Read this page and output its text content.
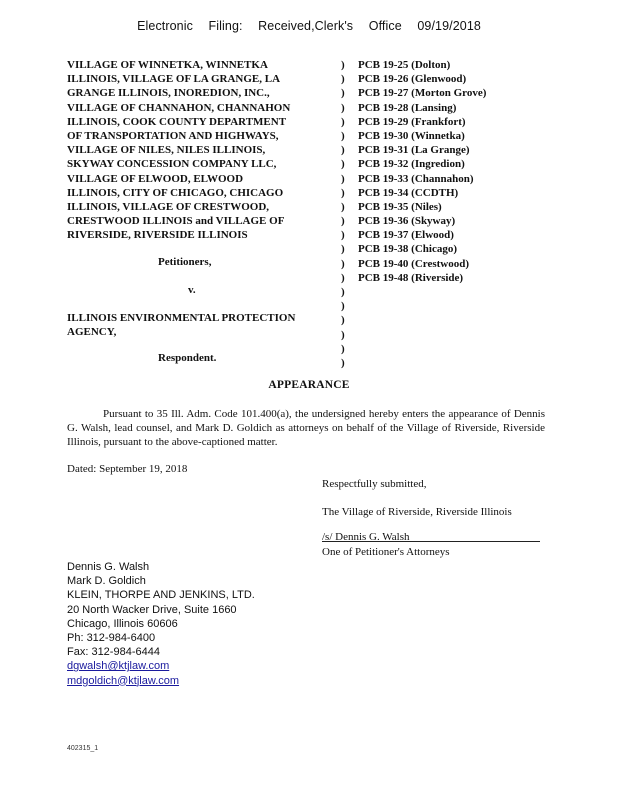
Electronic Filing: Received,Clerk's Office 09/19/2018
VILLAGE OF WINNETKA, WINNETKA
ILLINOIS, VILLAGE OF LA GRANGE, LA
GRANGE ILLINOIS, INOREDION, INC.,
VILLAGE OF CHANNAHON, CHANNAHON
ILLINOIS, COOK COUNTY DEPARTMENT
OF TRANSPORTATION AND HIGHWAYS,
VILLAGE OF NILES, NILES ILLINOIS,
SKYWAY CONCESSION COMPANY LLC,
VILLAGE OF ELWOOD, ELWOOD
ILLINOIS, CITY OF CHICAGO, CHICAGO
ILLINOIS, VILLAGE OF CRESTWOOD,
CRESTWOOD ILLINOIS and VILLAGE OF
RIVERSIDE, RIVERSIDE ILLINOIS
Petitioners,
v.
ILLINOIS ENVIRONMENTAL PROTECTION
AGENCY,
Respondent.
)
)
)
)
)
)
)
)
)
)
)
)
)
)
)
)
)
)
)
)
)
)
PCB 19-25 (Dolton)
PCB 19-26 (Glenwood)
PCB 19-27 (Morton Grove)
PCB 19-28 (Lansing)
PCB 19-29 (Frankfort)
PCB 19-30 (Winnetka)
PCB 19-31 (La Grange)
PCB 19-32 (Ingredion)
PCB 19-33 (Channahon)
PCB 19-34 (CCDTH)
PCB 19-35 (Niles)
PCB 19-36 (Skyway)
PCB 19-37 (Elwood)
PCB 19-38 (Chicago)
PCB 19-40 (Crestwood)
PCB 19-48 (Riverside)
APPEARANCE
Pursuant to 35 Ill. Adm. Code 101.400(a), the undersigned hereby enters the appearance of Dennis G. Walsh, lead counsel, and Mark D. Goldich as attorneys on behalf of the Village of Riverside, Riverside Illinois, pursuant to the above-captioned matter.
Dated: September 19, 2018
Respectfully submitted,
The Village of Riverside, Riverside Illinois
/s/ Dennis G. Walsh
One of Petitioner's Attorneys
Dennis G. Walsh
Mark D. Goldich
KLEIN, THORPE AND JENKINS, LTD.
20 North Wacker Drive, Suite 1660
Chicago, Illinois 60606
Ph: 312-984-6400
Fax: 312-984-6444
dgwalsh@ktjlaw.com
mdgoldich@ktjlaw.com
402315_1
